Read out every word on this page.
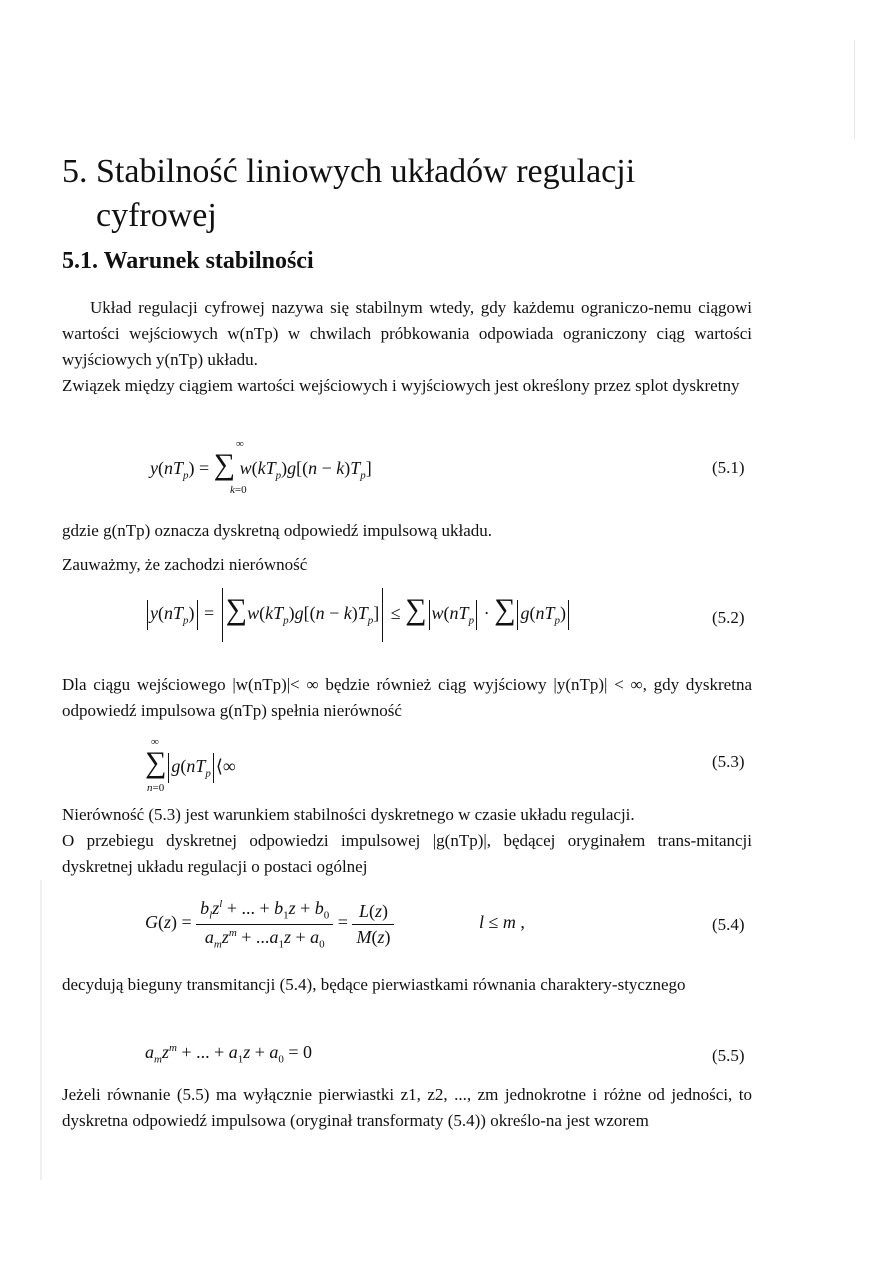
5. Stabilność liniowych układów regulacji
cyfrowej
5.1. Warunek stabilności
Układ regulacji cyfrowej nazywa się stabilnym wtedy, gdy każdemu ograniczo-nemu ciągowi wartości wejściowych w(nTp) w chwilach próbkowania odpowiada ograniczony ciąg wartości wyjściowych y(nTp) układu.
Związek między ciągiem wartości wejściowych i wyjściowych jest określony przez splot dyskretny
$y(nT_p)$ = ∑ $w(kT_p)g[(n - k)T_p]$
∞
k=0
(5.1)
gdzie g(nTp) oznacza dyskretną odpowiedź impulsową układu.
Zauważmy, że zachodzi nierówność
$y(nT_p) = \sum w(kT_p)g[(n - k)T_p]$ ≤ ∑ $w(nT_p$ · ∑ $g(nT_p)$	(5.2)
Dla ciągu wejściowego |w(nTp)|< ∞ będzie również ciąg wyjściowy |y(nTp)| < ∞, gdy dyskretna odpowiedź impulsowa g(nTp) spełnia nierówność
∑ $g(nT_p$ ⟨∞
∞
n=0
(5.3)
Nierówność (5.3) jest warunkiem stabilności dyskretnego w czasie układu regulacji.
O przebiegu dyskretnej odpowiedzi impulsowej |g(nTp)|, będącej oryginałem trans-mitancji dyskretnej układu regulacji o postaci ogólnej
$G(z) = \frac{b_lz^l + ... + b_1z + b_0}{a_mz^m + ...a_1z + a_0} = \frac{L(z)}{M(z)}$	l ≤ m ,	(5.4)
decydują bieguny transmitancji (5.4), będące pierwiastkami równania charaktery-stycznego
$a_mz^m$ + ... + $a_1z + a_0 = 0$	(5.5)
Jeżeli równanie (5.5) ma wyłącznie pierwiastki z1, z2, ..., zm jednokrotne i różne od jedności, to dyskretna odpowiedź impulsowa (oryginał transformaty (5.4)) określo-na jest wzorem
